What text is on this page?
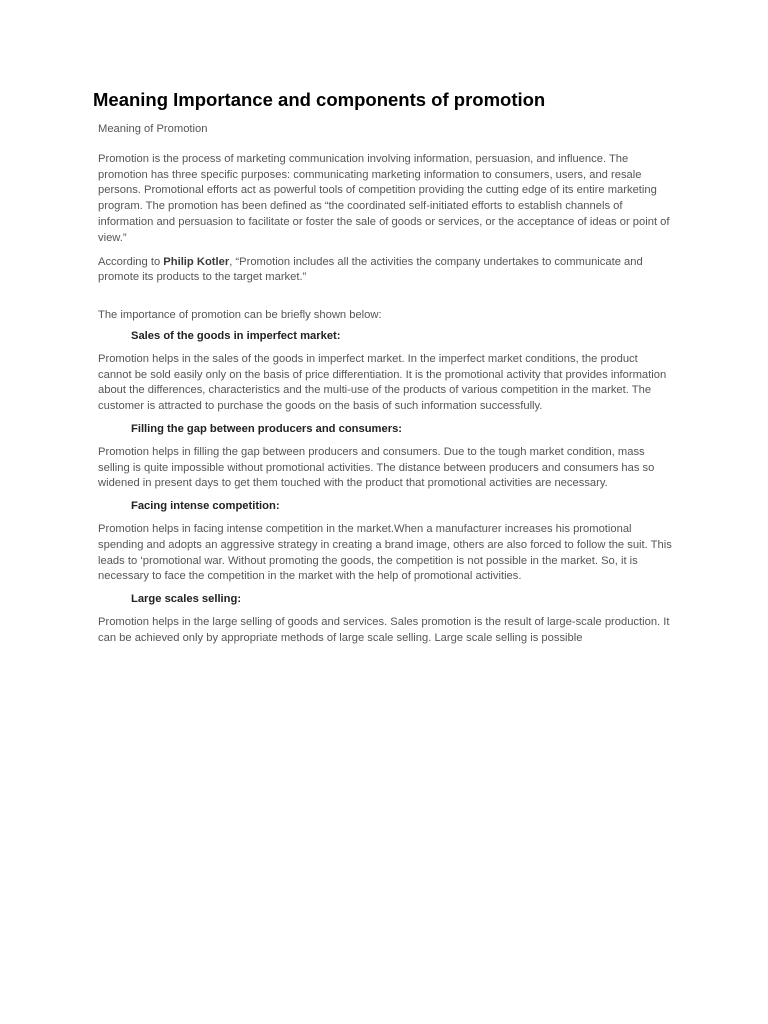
Meaning Importance and components of promotion

Meaning of Promotion

Promotion is the process of marketing communication involving information, persuasion, and influence. The promotion has three specific purposes: communicating marketing information to consumers, users, and resale persons. Promotional efforts act as powerful tools of competition providing the cutting edge of its entire marketing program. The promotion has been defined as “the coordinated self-initiated efforts to establish channels of information and persuasion to facilitate or foster the sale of goods or services, or the acceptance of ideas or point of view.”

According to Philip Kotler, “Promotion includes all the activities the company undertakes to communicate and promote its products to the target market.”

The importance of promotion can be briefly shown below:

Sales of the goods in imperfect market:

Promotion helps in the sales of the goods in imperfect market. In the imperfect market conditions, the product cannot be sold easily only on the basis of price differentiation. It is the promotional activity that provides information about the differences, characteristics and the multi-use of the products of various competition in the market. The customer is attracted to purchase the goods on the basis of such information successfully.

Filling the gap between producers and consumers:

Promotion helps in filling the gap between producers and consumers. Due to the tough market condition, mass selling is quite impossible without promotional activities. The distance between producers and consumers has so widened in present days to get them touched with the product that promotional activities are necessary.

Facing intense competition:

Promotion helps in facing intense competition in the market.When a manufacturer increases his promotional spending and adopts an aggressive strategy in creating a brand image, others are also forced to follow the suit. This leads to ‘promotional war. Without promoting the goods, the competition is not possible in the market. So, it is necessary to face the competition in the market with the help of promotional activities.

Large scales selling:

Promotion helps in the large selling of goods and services. Sales promotion is the result of large-scale production. It can be achieved only by appropriate methods of large scale selling. Large scale selling is possible
